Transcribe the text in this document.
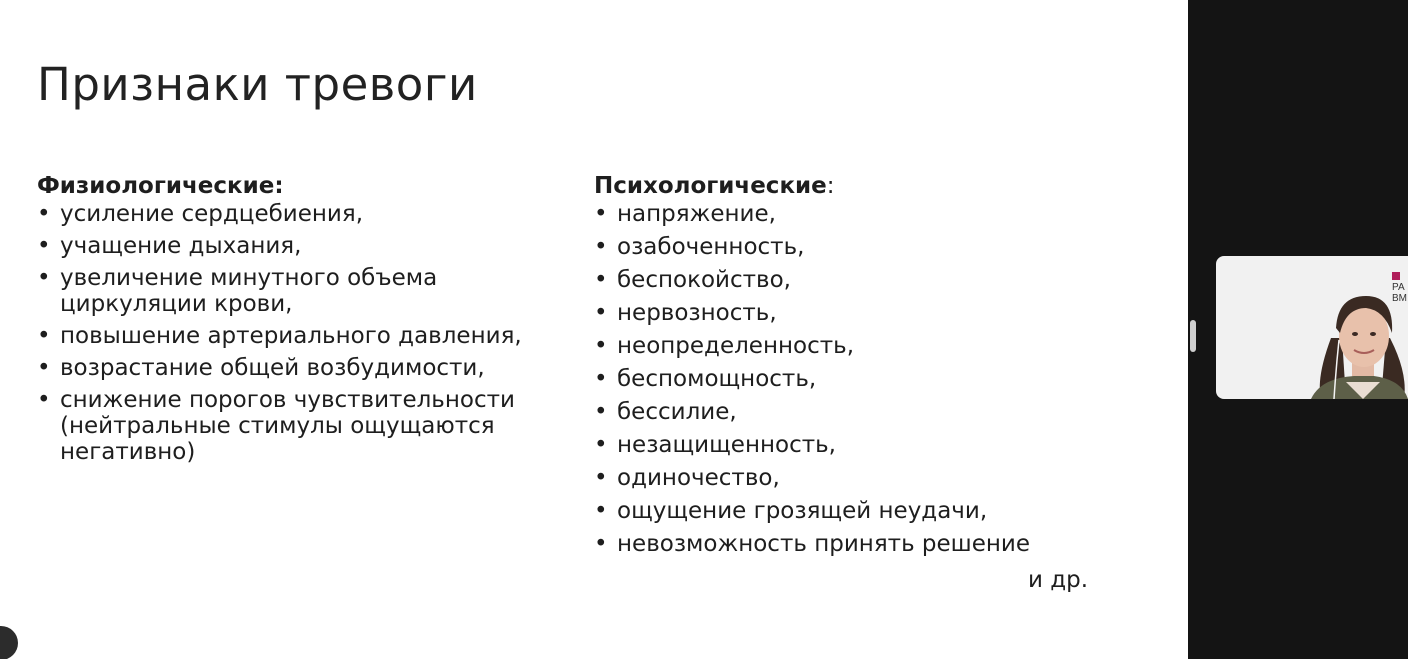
Признаки тревоги
Физиологические:
• усиление сердцебиения,
• учащение дыхания,
• увеличение минутного объема циркуляции крови,
• повышение артериального давления,
• возрастание общей возбудимости,
• снижение порогов чувствительности (нейтральные стимулы ощущаются негативно)
Психологические:
• напряжение,
• озабоченность,
• беспокойство,
• нервозность,
• неопределенность,
• беспомощность,
• бессилие,
• незащищенность,
• одиночество,
• ощущение грозящей неудачи,
• невозможность принять решение
и др.
РА ВМ
